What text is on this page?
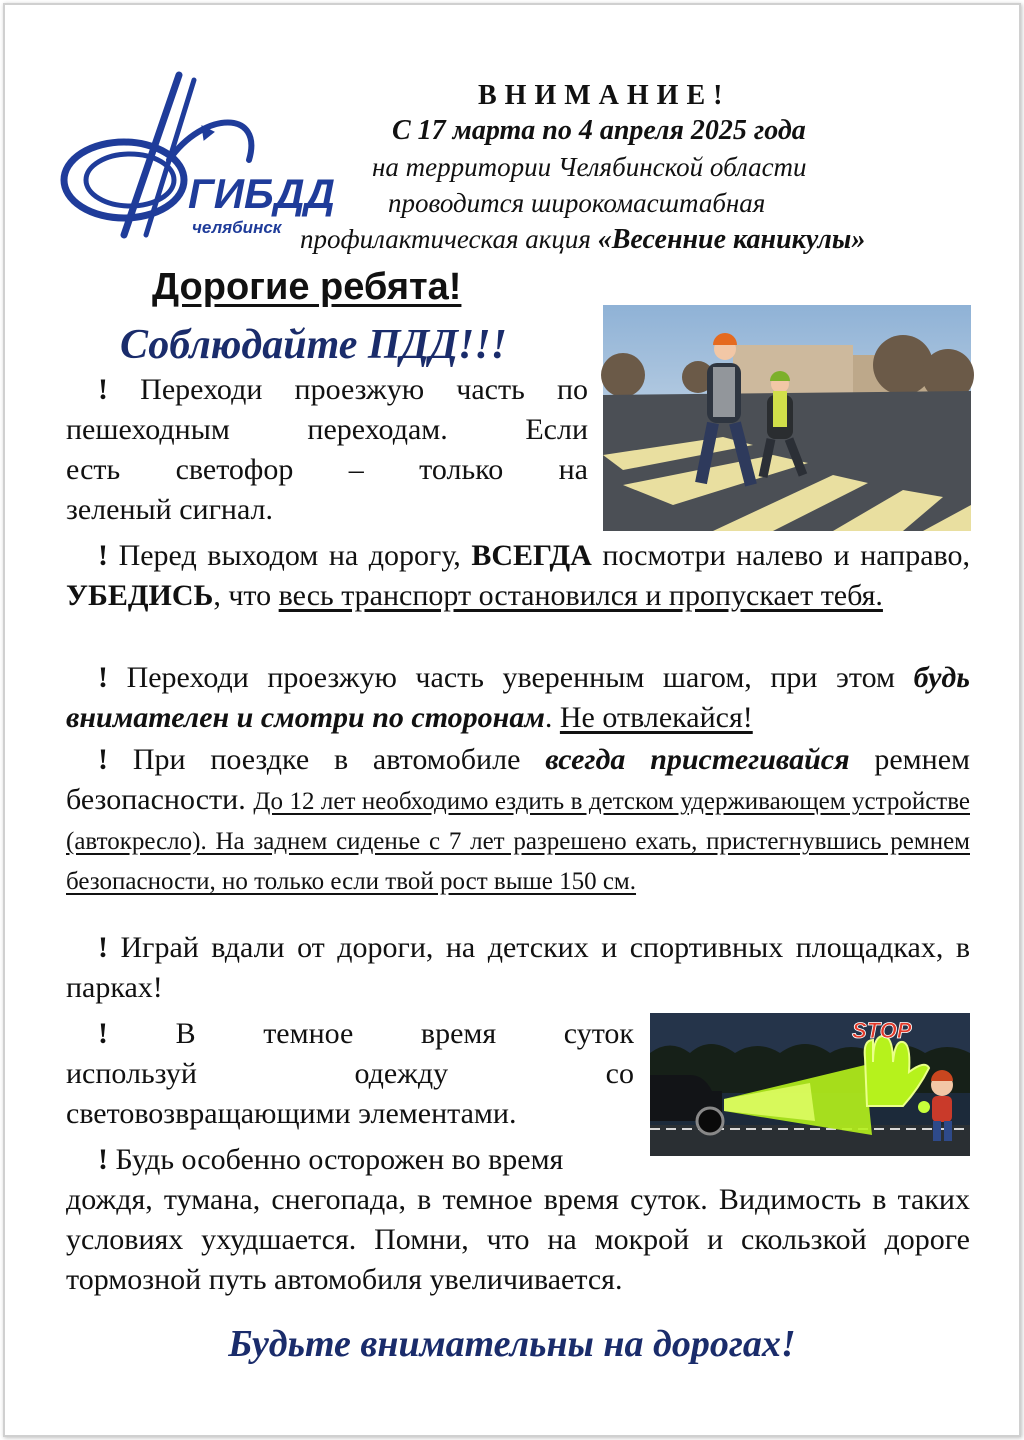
ГИБДД
челябинск
ВНИМАНИЕ!
С 17 марта по 4 апреля 2025 года
на территории Челябинской области
проводится широкомасштабная
профилактическая акция «Весенние каникулы»
Дорогие ребята!
Соблюдайте ПДД!!!
! Переходи проезжую часть по
пешеходным переходам. Если
есть светофор – только на
зеленый сигнал.
! Перед выходом на дорогу, ВСЕГДА посмотри налево и направо, УБЕДИСЬ, что весь транспорт остановился и пропускает тебя.
! Переходи проезжую часть уверенным шагом, при этом будь внимателен и смотри по сторонам. Не отвлекайся!
! При поездке в автомобиле всегда пристегивайся ремнем безопасности. До 12 лет необходимо ездить в детском удерживающем устройстве (автокресло). На заднем сиденье с 7 лет разрешено ехать, пристегнувшись ремнем безопасности, но только если твой рост выше 150 см.
! Играй вдали от дороги, на детских и спортивных площадках, в парках!
STOP
! В темное время суток
используй одежду со
световозвращающими элементами.
! Будь особенно осторожен во время
дождя, тумана, снегопада, в темное время суток. Видимость в таких условиях ухудшается. Помни, что на мокрой и скользкой дороге тормозной путь автомобиля увеличивается.
Будьте внимательны на дорогах!
